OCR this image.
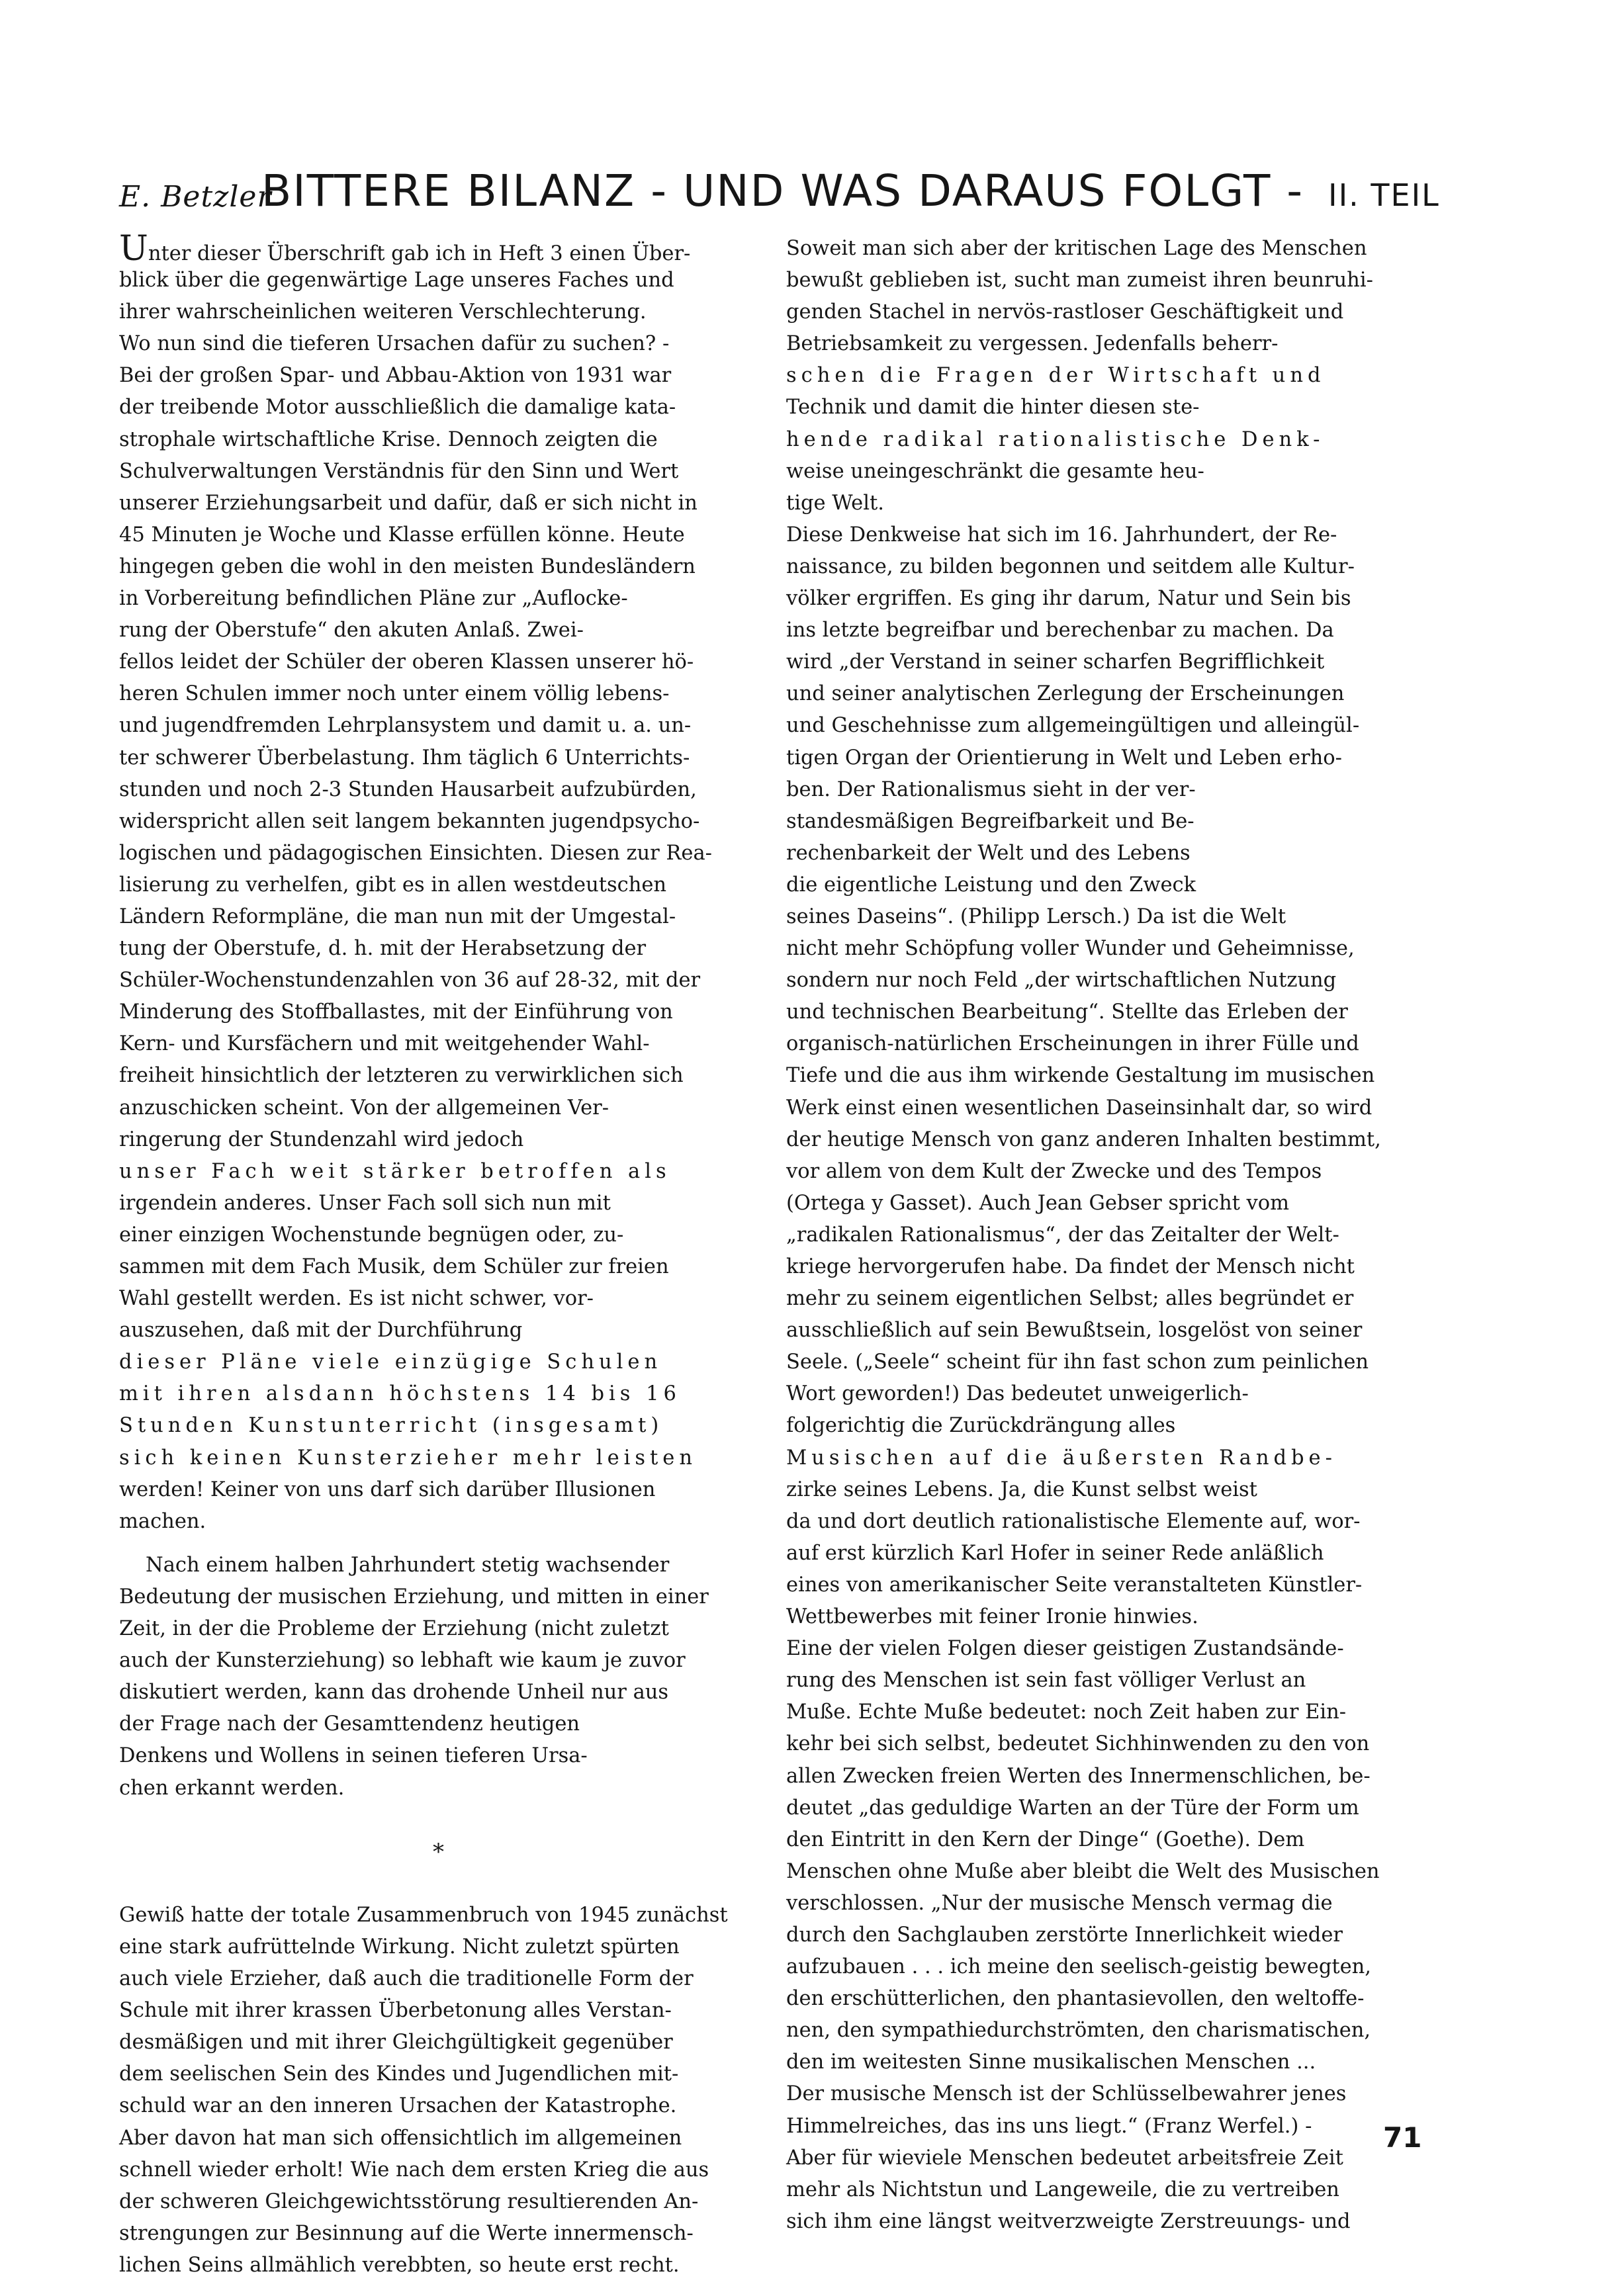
E. Betzler
BITTERE BILANZ - UND WAS DARAUS FOLGT - II. TEIL
Unter dieser Überschrift gab ich in Heft 3 einen Über-
blick über die gegenwärtige Lage unseres Faches und
ihrer wahrscheinlichen weiteren Verschlechterung.
Wo nun sind die tieferen Ursachen dafür zu suchen? -
Bei der großen Spar- und Abbau-Aktion von 1931 war
der treibende Motor ausschließlich die damalige kata-
strophale wirtschaftliche Krise. Dennoch zeigten die
Schulverwaltungen Verständnis für den Sinn und Wert
unserer Erziehungsarbeit und dafür, daß er sich nicht in
45 Minuten je Woche und Klasse erfüllen könne. Heute
hingegen geben die wohl in den meisten Bundesländern
in Vorbereitung befindlichen Pläne zur „Auflockе-
rung der Oberstufe“ den akuten Anlaß. Zwei-
fellos leidet der Schüler der oberen Klassen unserer hö-
heren Schulen immer noch unter einem völlig lebens-
und jugendfremden Lehrplansystem und damit u. a. un-
ter schwerer Überbelastung. Ihm täglich 6 Unterrichts-
stunden und noch 2-3 Stunden Hausarbeit aufzubürden,
widerspricht allen seit langem bekannten jugendpsycho-
logischen und pädagogischen Einsichten. Diesen zur Rea-
lisierung zu verhelfen, gibt es in allen westdeutschen
Ländern Reformpläne, die man nun mit der Umgestal-
tung der Oberstufe, d. h. mit der Herabsetzung der
Schüler-Wochenstundenzahlen von 36 auf 28-32, mit der
Minderung des Stoffballastes, mit der Einführung von
Kern- und Kursfächern und mit weitgehender Wahl-
freiheit hinsichtlich der letzteren zu verwirklichen sich
anzuschicken scheint. Von der allgemeinen Ver-
ringerung der Stundenzahl wird jedoch
unser Fach weit stärker betroffen als
irgendein anderes. Unser Fach soll sich nun mit
einer einzigen Wochenstunde begnügen oder, zu-
sammen mit dem Fach Musik, dem Schüler zur freien
Wahl gestellt werden. Es ist nicht schwer, vor-
auszusehen, daß mit der Durchführung
dieser Pläne viele einzügige Schulen
mit ihren alsdann höchstens 14 bis 16
Stunden Kunstunterricht (insgesamt)
sich keinen Kunsterzieher mehr leisten
werden! Keiner von uns darf sich darüber Illusionen
machen.
Nach einem halben Jahrhundert stetig wachsender
Bedeutung der musischen Erziehung, und mitten in einer
Zeit, in der die Probleme der Erziehung (nicht zuletzt
auch der Kunsterziehung) so lebhaft wie kaum je zuvor
diskutiert werden, kann das drohende Unheil nur aus
der Frage nach der Gesamttendenz heutigen
Denkens und Wollens in seinen tieferen Ursa-
chen erkannt werden.
*
Gewiß hatte der totale Zusammenbruch von 1945 zunächst
eine stark aufrüttelnde Wirkung. Nicht zuletzt spürten
auch viele Erzieher, daß auch die traditionelle Form der
Schule mit ihrer krassen Überbetonung alles Verstan-
desmäßigen und mit ihrer Gleichgültigkeit gegenüber
dem seelischen Sein des Kindes und Jugendlichen mit-
schuld war an den inneren Ursachen der Katastrophe.
Aber davon hat man sich offensichtlich im allgemeinen
schnell wieder erholt! Wie nach dem ersten Krieg die aus
der schweren Gleichgewichtsstörung resultierenden An-
strengungen zur Besinnung auf die Werte innermensch-
lichen Seins allmählich verebbten, so heute erst recht.
Soweit man sich aber der kritischen Lage des Menschen
bewußt geblieben ist, sucht man zumeist ihren beunruhi-
genden Stachel in nervös-rastloser Geschäftigkeit und
Betriebsamkeit zu vergessen. Jedenfalls beherr-
schen die Fragen der Wirtschaft und
Technik und damit die hinter diesen ste-
hende radikal rationalistische Denk-
weise uneingeschränkt die gesamte heu-
tige Welt.
Diese Denkweise hat sich im 16. Jahrhundert, der Re-
naissance, zu bilden begonnen und seitdem alle Kultur-
völker ergriffen. Es ging ihr darum, Natur und Sein bis
ins letzte begreifbar und berechenbar zu machen. Da
wird „der Verstand in seiner scharfen Begrifflichkeit
und seiner analytischen Zerlegung der Erscheinungen
und Geschehnisse zum allgemeingültigen und alleingül-
tigen Organ der Orientierung in Welt und Leben erho-
ben. Der Rationalismus sieht in der ver-
standesmäßigen Begreifbarkeit und Be-
rechenbarkeit der Welt und des Lebens
die eigentliche Leistung und den Zweck
seines Daseins“. (Philipp Lersch.) Da ist die Welt
nicht mehr Schöpfung voller Wunder und Geheimnisse,
sondern nur noch Feld „der wirtschaftlichen Nutzung
und technischen Bearbeitung“. Stellte das Erleben der
organisch-natürlichen Erscheinungen in ihrer Fülle und
Tiefe und die aus ihm wirkende Gestaltung im musischen
Werk einst einen wesentlichen Daseinsinhalt dar, so wird
der heutige Mensch von ganz anderen Inhalten bestimmt,
vor allem von dem Kult der Zwecke und des Tempos
(Ortega y Gasset). Auch Jean Gebser spricht vom
„radikalen Rationalismus“, der das Zeitalter der Welt-
kriege hervorgerufen habe. Da findet der Mensch nicht
mehr zu seinem eigentlichen Selbst; alles begründet er
ausschließlich auf sein Bewußtsein, losgelöst von seiner
Seele. („Seele“ scheint für ihn fast schon zum peinlichen
Wort geworden!) Das bedeutet unweigerlich-
folgerichtig die Zurückdrängung alles
Musischen auf die äußersten Randbe-
zirke seines Lebens. Ja, die Kunst selbst weist
da und dort deutlich rationalistische Elemente auf, wor-
auf erst kürzlich Karl Hofer in seiner Rede anläßlich
eines von amerikanischer Seite veranstalteten Künstler-
Wettbewerbes mit feiner Ironie hinwies.
Eine der vielen Folgen dieser geistigen Zustandsände-
rung des Menschen ist sein fast völliger Verlust an
Muße. Echte Muße bedeutet: noch Zeit haben zur Ein-
kehr bei sich selbst, bedeutet Sichhinwenden zu den von
allen Zwecken freien Werten des Innermenschlichen, be-
deutet „das geduldige Warten an der Türe der Form um
den Eintritt in den Kern der Dinge“ (Goethe). Dem
Menschen ohne Muße aber bleibt die Welt des Musischen
verschlossen. „Nur der musische Mensch vermag die
durch den Sachglauben zerstörte Innerlichkeit wieder
aufzubauen . . . ich meine den seelisch-geistig bewegten,
den erschütterlichen, den phantasievollen, den weltoffe-
nen, den sympathiedurchströmten, den charismatischen,
den im weitesten Sinne musikalischen Menschen ...
Der musische Mensch ist der Schlüsselbewahrer jenes
Himmelreiches, das ins uns liegt.“ (Franz Werfel.) -
Aber für wieviele Menschen bedeutet arbeitsfreie Zeit
mehr als Nichtstun und Langeweile, die zu vertreiben
sich ihm eine längst weitverzweigte Zerstreuungs- und
71
